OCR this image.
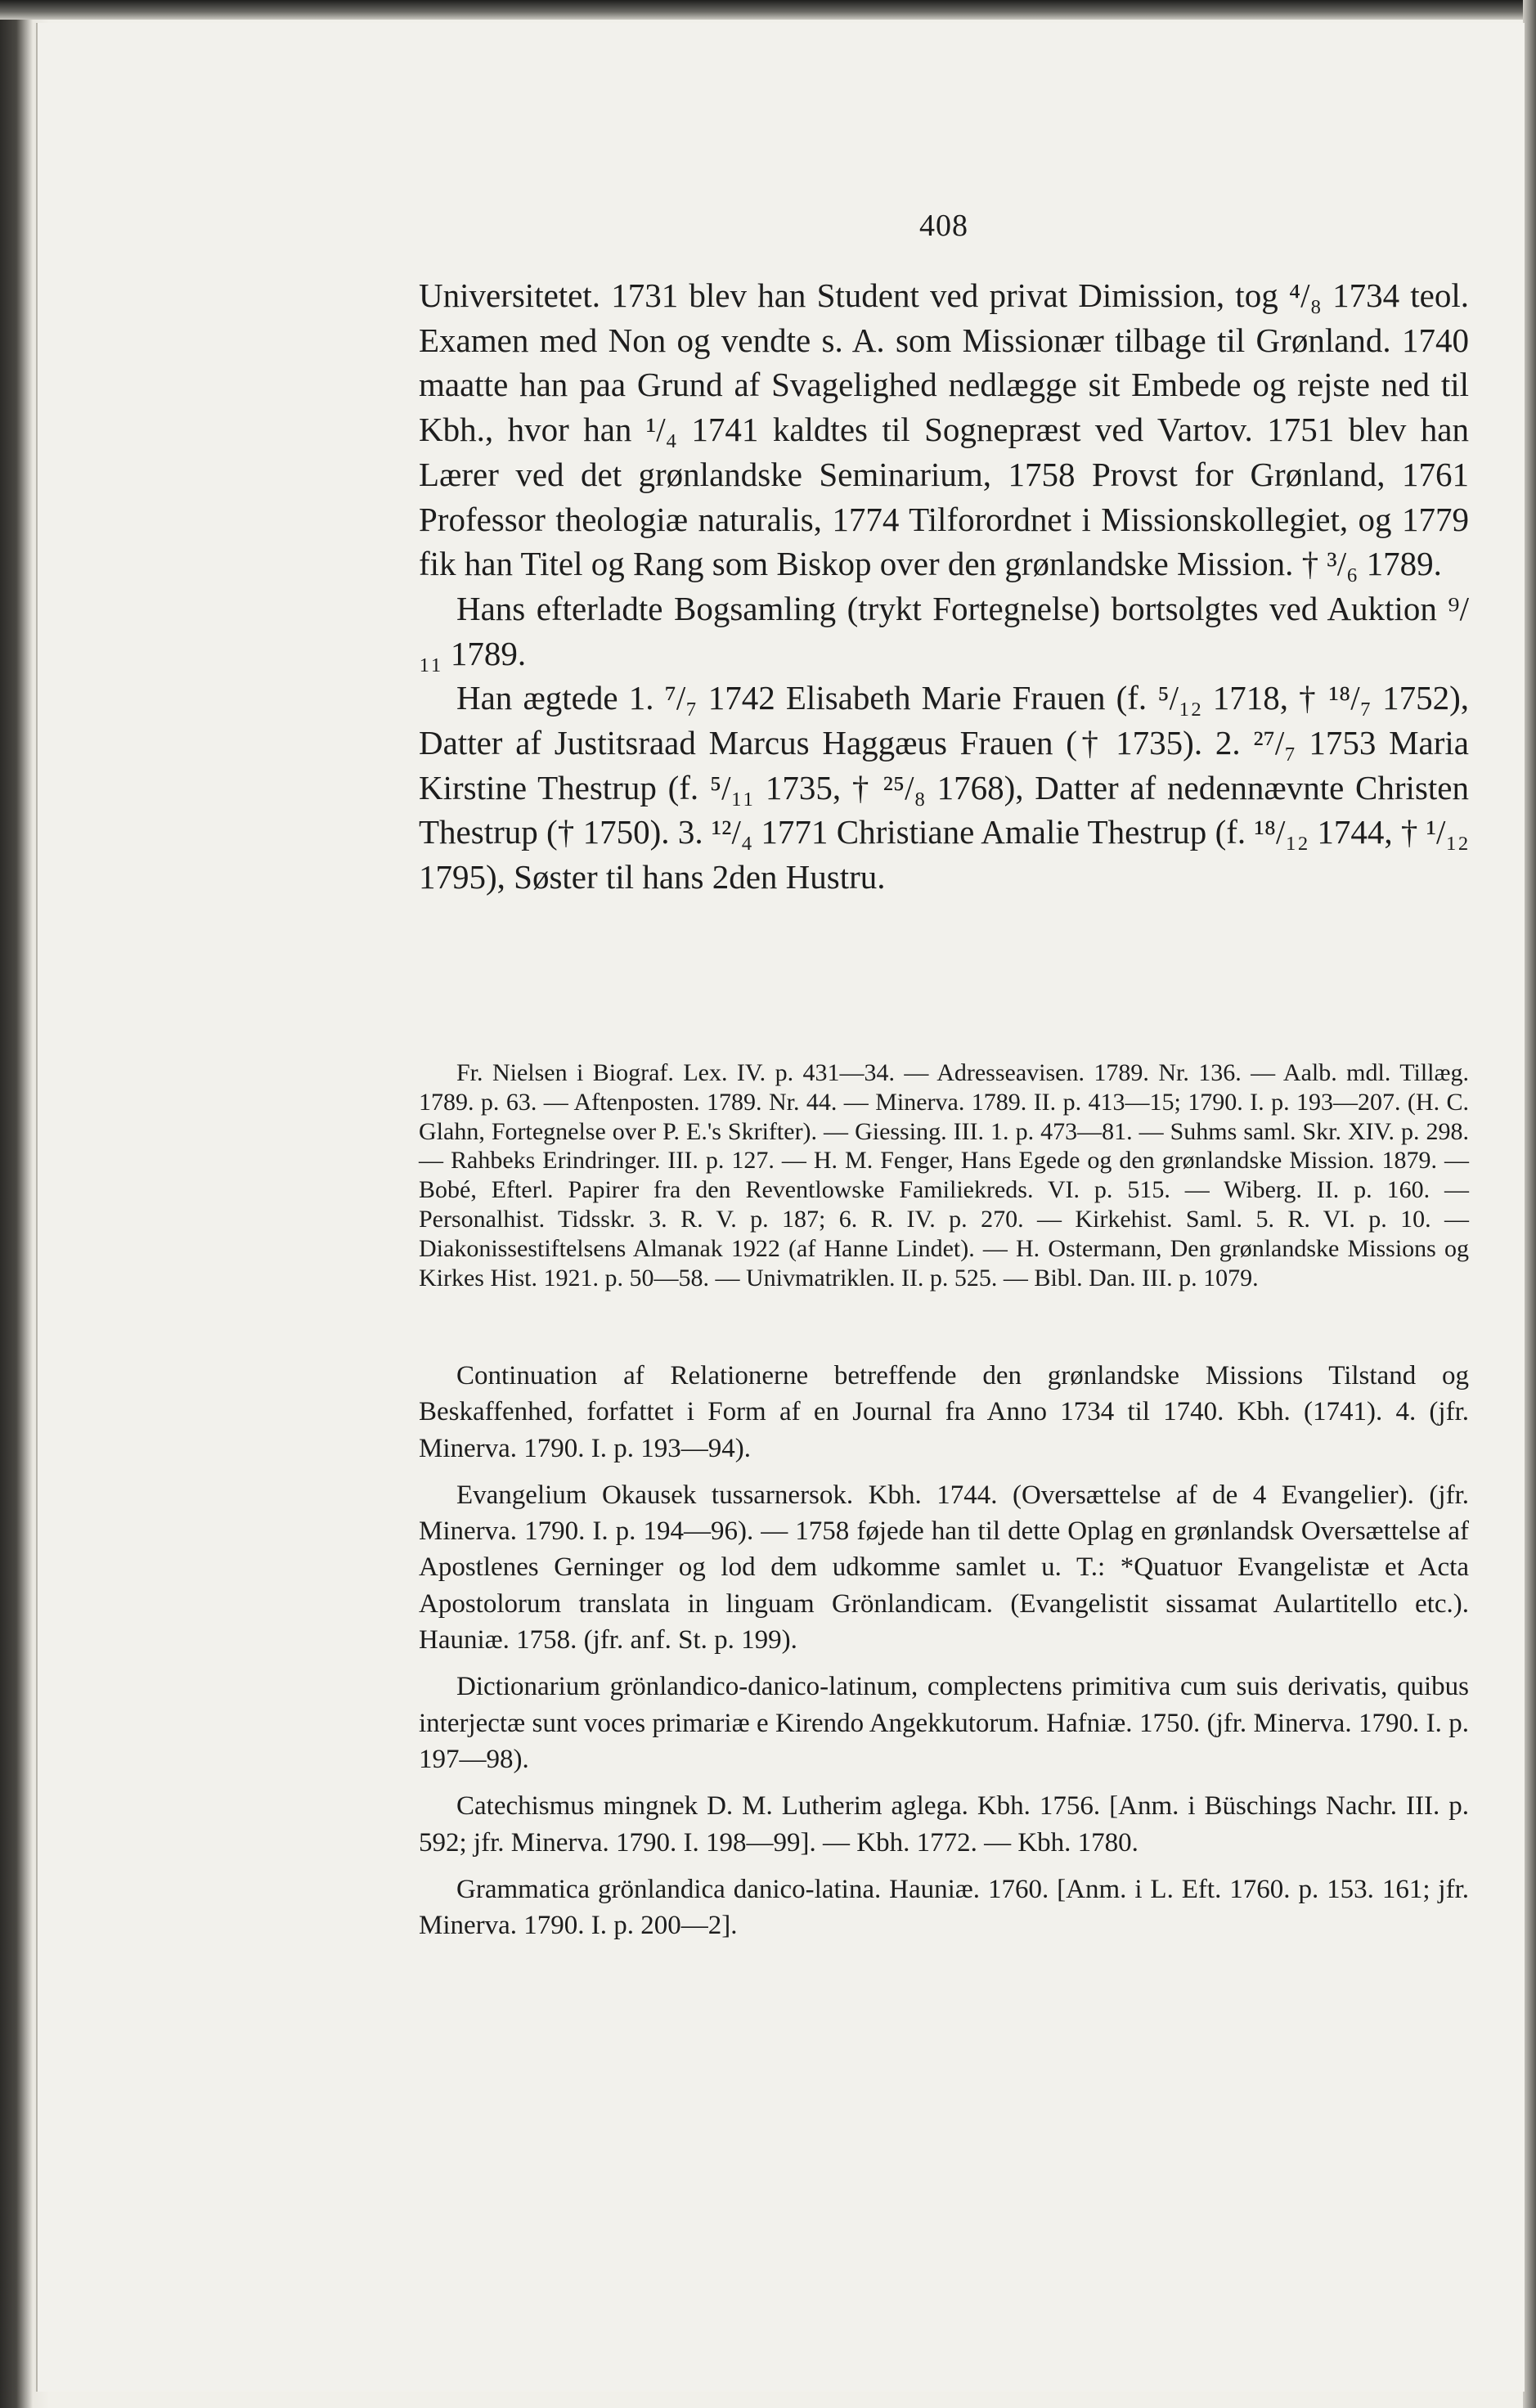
408

Universitetet. 1731 blev han Student ved privat Dimission, tog ⁴/₈ 1734 teol. Examen med Non og vendte s. A. som Missionær tilbage til Grønland. 1740 maatte han paa Grund af Svagelighed nedlægge sit Embede og rejste ned til Kbh., hvor han ¹/₄ 1741 kaldtes til Sognepræst ved Vartov. 1751 blev han Lærer ved det grønlandske Seminarium, 1758 Provst for Grønland, 1761 Professor theologiæ naturalis, 1774 Tilforordnet i Missionskollegiet, og 1779 fik han Titel og Rang som Biskop over den grønlandske Mission. † ³/₆ 1789.

Hans efterladte Bogsamling (trykt Fortegnelse) bortsolgtes ved Auktion ⁹/₁₁ 1789.

Han ægtede 1. ⁷/₇ 1742 Elisabeth Marie Frauen (f. ⁵/₁₂ 1718, † ¹⁸/₇ 1752), Datter af Justitsraad Marcus Haggæus Frauen († 1735). 2. ²⁷/₇ 1753 Maria Kirstine Thestrup (f. ⁵/₁₁ 1735, † ²⁵/₈ 1768), Datter af nedennævnte Christen Thestrup († 1750). 3. ¹²/₄ 1771 Christiane Amalie Thestrup (f. ¹⁸/₁₂ 1744, † ¹/₁₂ 1795), Søster til hans 2den Hustru.

Fr. Nielsen i Biograf. Lex. IV. p. 431—34. — Adresseavisen. 1789. Nr. 136. — Aalb. mdl. Tillæg. 1789. p. 63. — Aftenposten. 1789. Nr. 44. — Minerva. 1789. II. p. 413—15; 1790. I. p. 193—207. (H. C. Glahn, Fortegnelse over P. E.'s Skrifter). — Giessing. III. 1. p. 473—81. — Suhms saml. Skr. XIV. p. 298. — Rahbeks Erindringer. III. p. 127. — H. M. Fenger, Hans Egede og den grønlandske Mission. 1879. — Bobé, Efterl. Papirer fra den Reventlowske Familiekreds. VI. p. 515. — Wiberg. II. p. 160. — Personalhist. Tidsskr. 3. R. V. p. 187; 6. R. IV. p. 270. — Kirkehist. Saml. 5. R. VI. p. 10. — Diakonissestiftelsens Almanak 1922 (af Hanne Lindet). — H. Ostermann, Den grønlandske Missions og Kirkes Hist. 1921. p. 50—58. — Univmatriklen. II. p. 525. — Bibl. Dan. III. p. 1079.

Continuation af Relationerne betreffende den grønlandske Missions Tilstand og Beskaffenhed, forfattet i Form af en Journal fra Anno 1734 til 1740. Kbh. (1741). 4. (jfr. Minerva. 1790. I. p. 193—94).

Evangelium Okausek tussarnersok. Kbh. 1744. (Oversættelse af de 4 Evangelier). (jfr. Minerva. 1790. I. p. 194—96). — 1758 føjede han til dette Oplag en grønlandsk Oversættelse af Apostlenes Gerninger og lod dem udkomme samlet u. T.: *Quatuor Evangelistæ et Acta Apostolorum translata in linguam Grönlandicam. (Evangelistit sissamat Aulartitello etc.). Hauniæ. 1758. (jfr. anf. St. p. 199).

Dictionarium grönlandico-danico-latinum, complectens primitiva cum suis derivatis, quibus interjectæ sunt voces primariæ e Kirendo Angekkutorum. Hafniæ. 1750. (jfr. Minerva. 1790. I. p. 197—98).

Catechismus mingnek D. M. Lutherim aglega. Kbh. 1756. [Anm. i Büschings Nachr. III. p. 592; jfr. Minerva. 1790. I. 198—99]. — Kbh. 1772. — Kbh. 1780.

Grammatica grönlandica danico-latina. Hauniæ. 1760. [Anm. i L. Eft. 1760. p. 153. 161; jfr. Minerva. 1790. I. p. 200—2].
